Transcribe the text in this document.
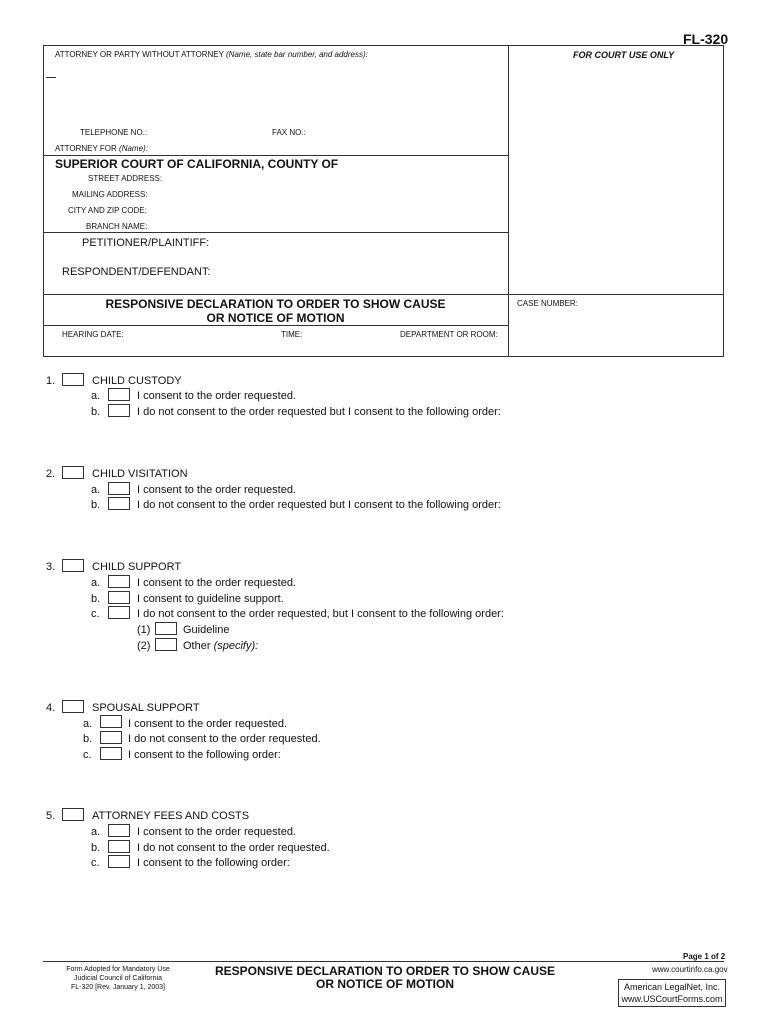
FL-320
ATTORNEY OR PARTY WITHOUT ATTORNEY (Name, state bar number, and address):	FOR COURT USE ONLY
TELEPHONE NO.:	FAX NO.:
ATTORNEY FOR (Name):
SUPERIOR COURT OF CALIFORNIA, COUNTY OF
STREET ADDRESS:
MAILING ADDRESS:
CITY AND ZIP CODE:
BRANCH NAME:
PETITIONER/PLAINTIFF:
RESPONDENT/DEFENDANT:
RESPONSIVE DECLARATION TO ORDER TO SHOW CAUSE
OR NOTICE OF MOTION
CASE NUMBER:
HEARING DATE:	TIME:	DEPARTMENT OR ROOM:
1.	CHILD CUSTODY
a.	I consent to the order requested.
b.	I do not consent to the order requested but I consent to the following order:
2.	CHILD VISITATION
a.	I consent to the order requested.
b.	I do not consent to the order requested but I consent to the following order:
3.	CHILD SUPPORT
a.	I consent to the order requested.
b.	I consent to guideline support.
c.	I do not consent to the order requested, but I consent to the following order:
(1)	Guideline
(2)	Other (specify):
4.	SPOUSAL SUPPORT
a.	I consent to the order requested.
b.	I do not consent to the order requested.
c.	I consent to the following order:
5.	ATTORNEY FEES AND COSTS
a.	I consent to the order requested.
b.	I do not consent to the order requested.
c.	I consent to the following order:
Page 1 of 2
Form Adopted for Mandatory Use
Judicial Council of California
FL-320 [Rev. January 1, 2003]
RESPONSIVE DECLARATION TO ORDER TO SHOW CAUSE
OR NOTICE OF MOTION
www.courtinfo.ca.gov
American LegalNet, Inc.
www.USCourtForms.com
